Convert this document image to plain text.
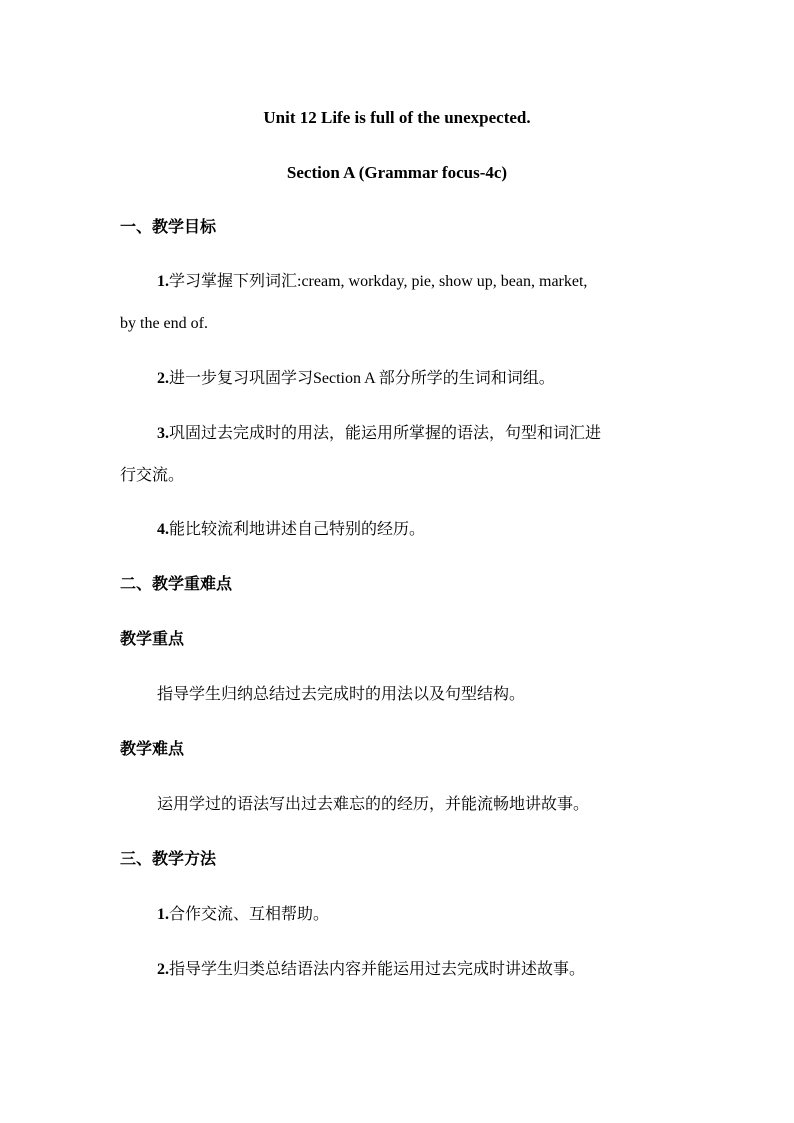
Unit 12 Life is full of the unexpected.
Section A (Grammar focus-4c)
一、教学目标
1.学习掌握下列词汇:cream, workday, pie, show up, bean, market,
by the end of.
2.进一步复习巩固学习Section A 部分所学的生词和词组。
3.巩固过去完成时的用法，能运用所掌握的语法，句型和词汇进
行交流。
4.能比较流利地讲述自己特别的经历。
二、教学重难点
教学重点
指导学生归纳总结过去完成时的用法以及句型结构。
教学难点
运用学过的语法写出过去难忘的的经历，并能流畅地讲故事。
三、教学方法
1.合作交流、互相帮助。
2.指导学生归类总结语法内容并能运用过去完成时讲述故事。
